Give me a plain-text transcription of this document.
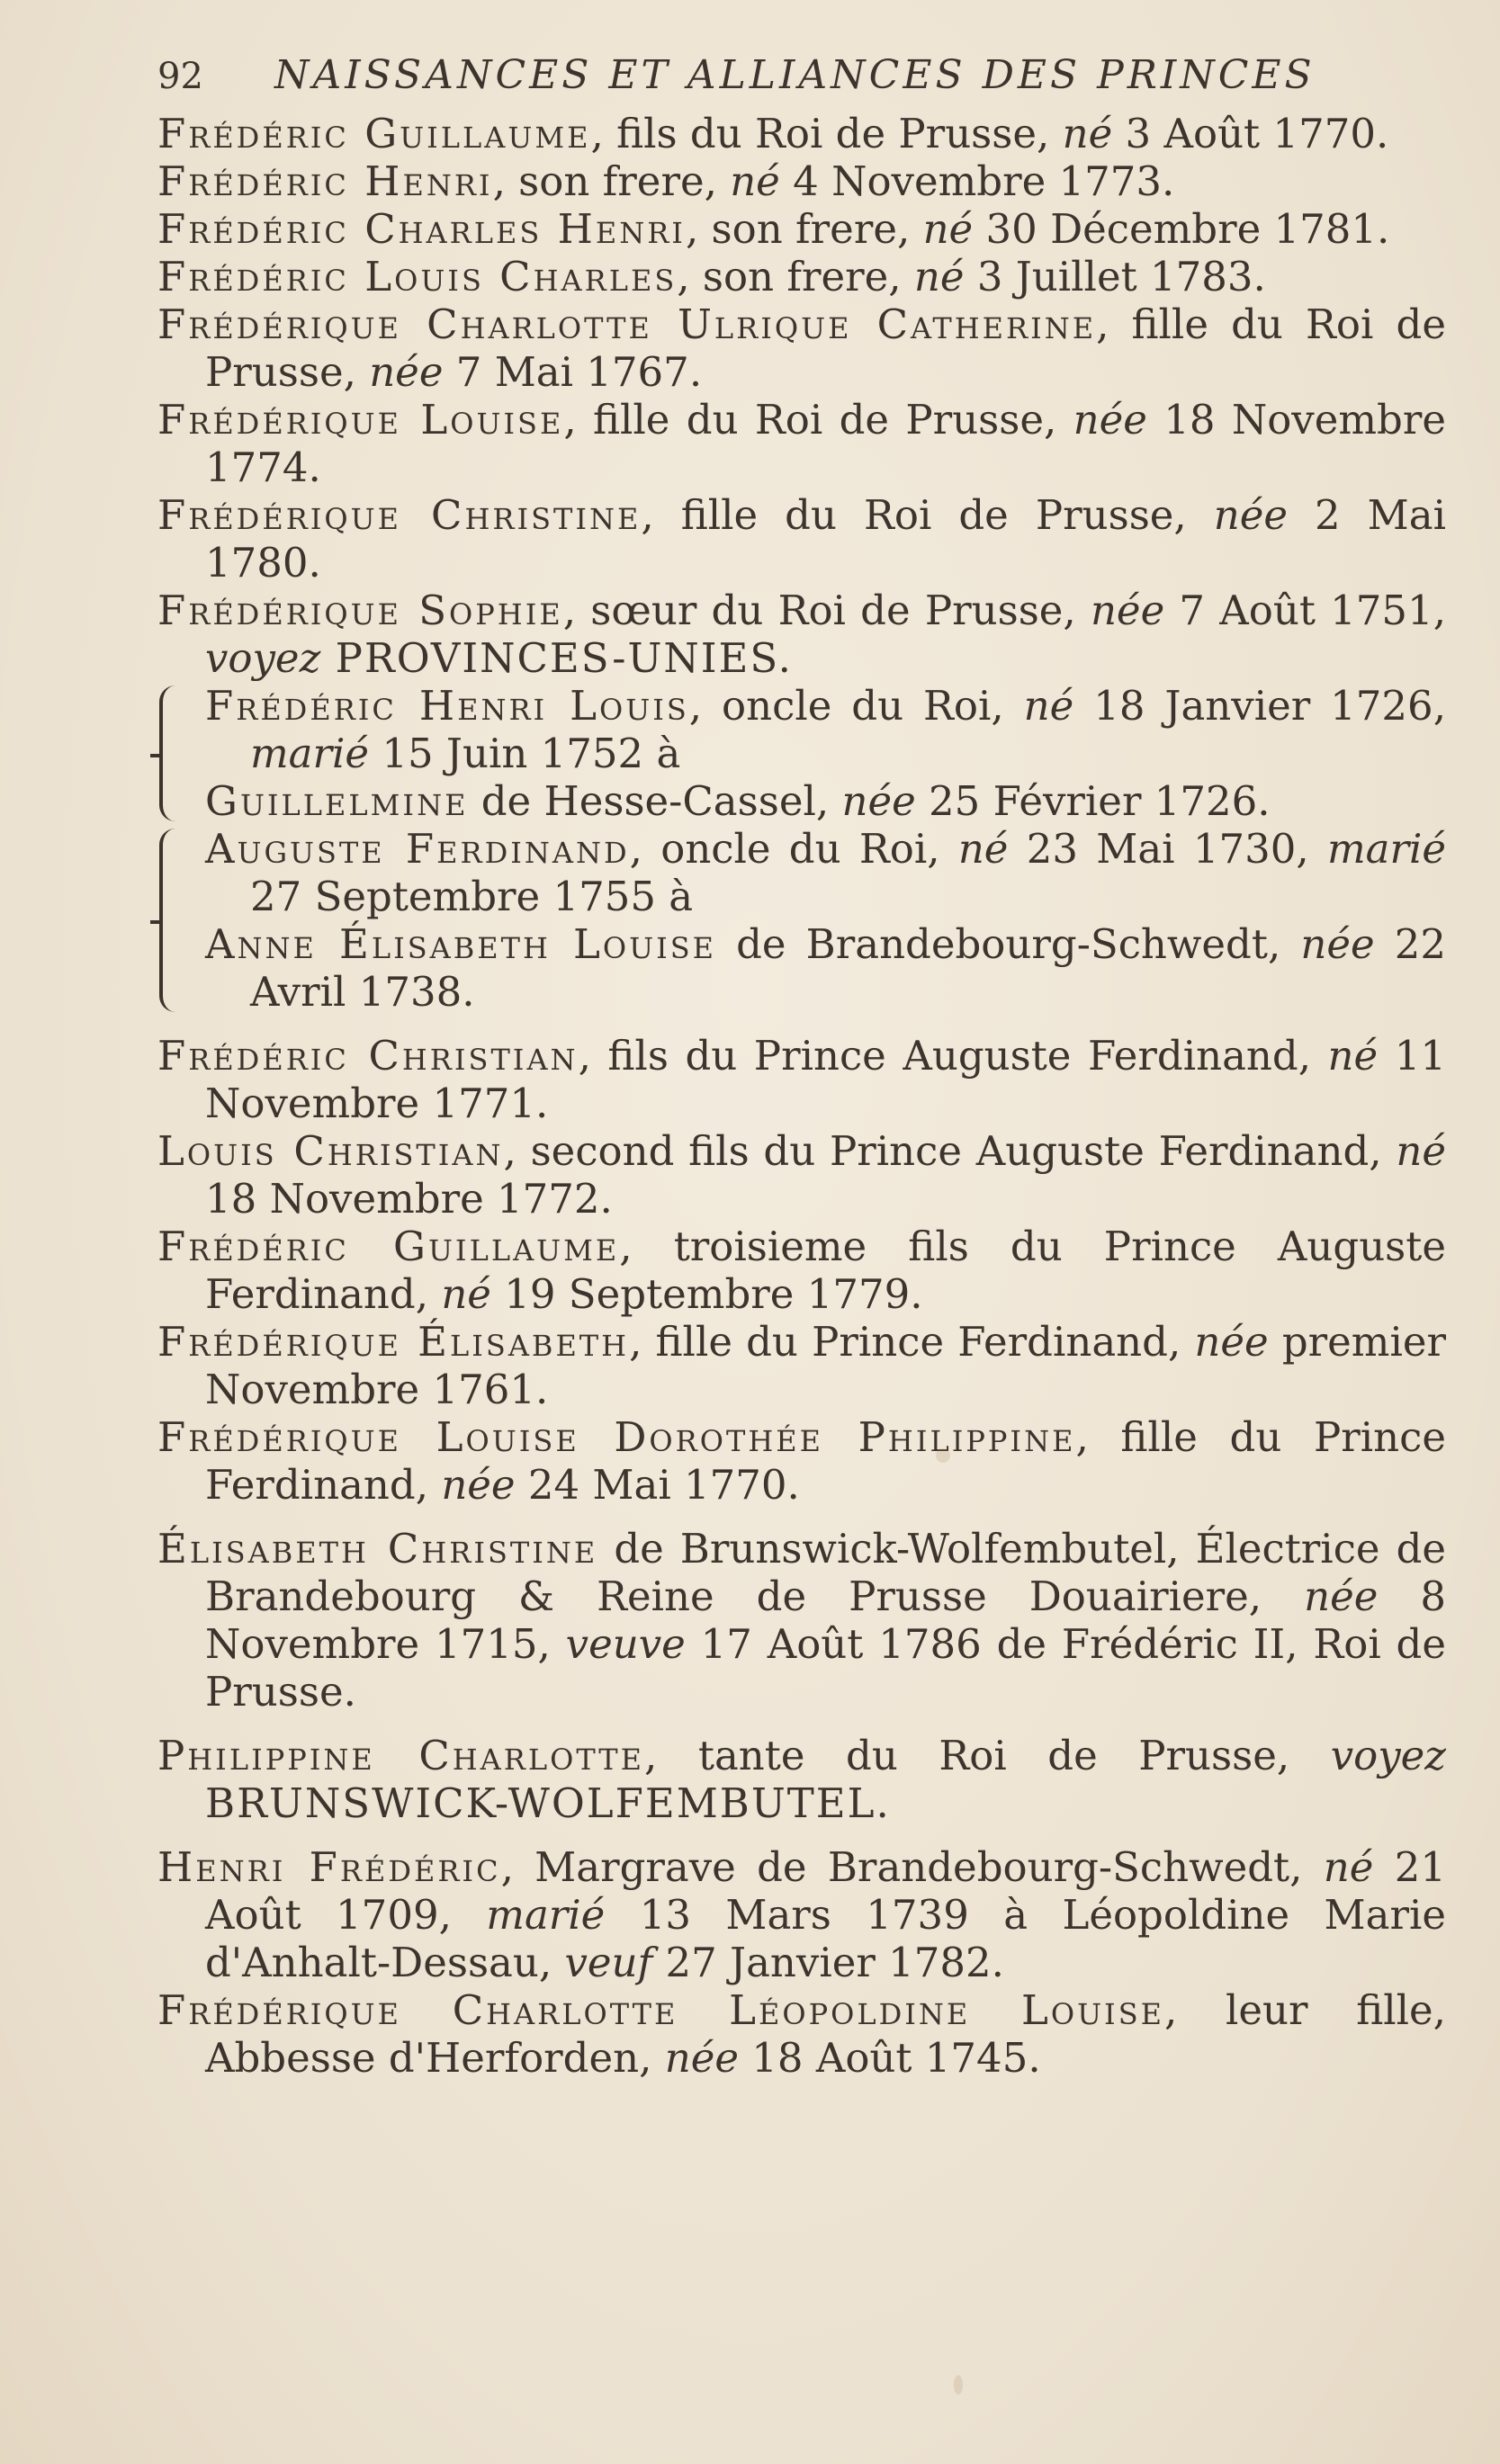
92	NAISSANCES ET ALLIANCES DES PRINCES
Frédéric Guillaume, fils du Roi de Prusse, né 3 Août 1770.
Frédéric Henri, son frere, né 4 Novembre 1773.
Frédéric Charles Henri, son frere, né 30 Décembre 1781.
Frédéric Louis Charles, son frere, né 3 Juillet 1783.
Frédérique Charlotte Ulrique Catherine, fille du Roi de Prusse, née 7 Mai 1767.
Frédérique Louise, fille du Roi de Prusse, née 18 Novembre 1774.
Frédérique Christine, fille du Roi de Prusse, née 2 Mai 1780.
Frédérique Sophie, sœur du Roi de Prusse, née 7 Août 1751, voyez PROVINCES-UNIES.
Frédéric Henri Louis, oncle du Roi, né 18 Janvier 1726, marié 15 Juin 1752 à
Guillelmine de Hesse-Cassel, née 25 Février 1726.
Auguste Ferdinand, oncle du Roi, né 23 Mai 1730, marié 27 Septembre 1755 à
Anne Élisabeth Louise de Brandebourg-Schwedt, née 22 Avril 1738.
Frédéric Christian, fils du Prince Auguste Ferdinand, né 11 Novembre 1771.
Louis Christian, second fils du Prince Auguste Ferdinand, né 18 Novembre 1772.
Frédéric Guillaume, troisieme fils du Prince Auguste Ferdinand, né 19 Septembre 1779.
Frédérique Élisabeth, fille du Prince Ferdinand, née premier Novembre 1761.
Frédérique Louise Dorothée Philippine, fille du Prince Ferdinand, née 24 Mai 1770.
Élisabeth Christine de Brunswick-Wolfembutel, Électrice de Brandebourg & Reine de Prusse Douairiere, née 8 Novembre 1715, veuve 17 Août 1786 de Frédéric II, Roi de Prusse.
Philippine Charlotte, tante du Roi de Prusse, voyez BRUNSWICK-WOLFEMBUTEL.
Henri Frédéric, Margrave de Brandebourg-Schwedt, né 21 Août 1709, marié 13 Mars 1739 à Léopoldine Marie d'Anhalt-Dessau, veuf 27 Janvier 1782.
Frédérique Charlotte Léopoldine Louise, leur fille, Abbesse d'Herforden, née 18 Août 1745.
